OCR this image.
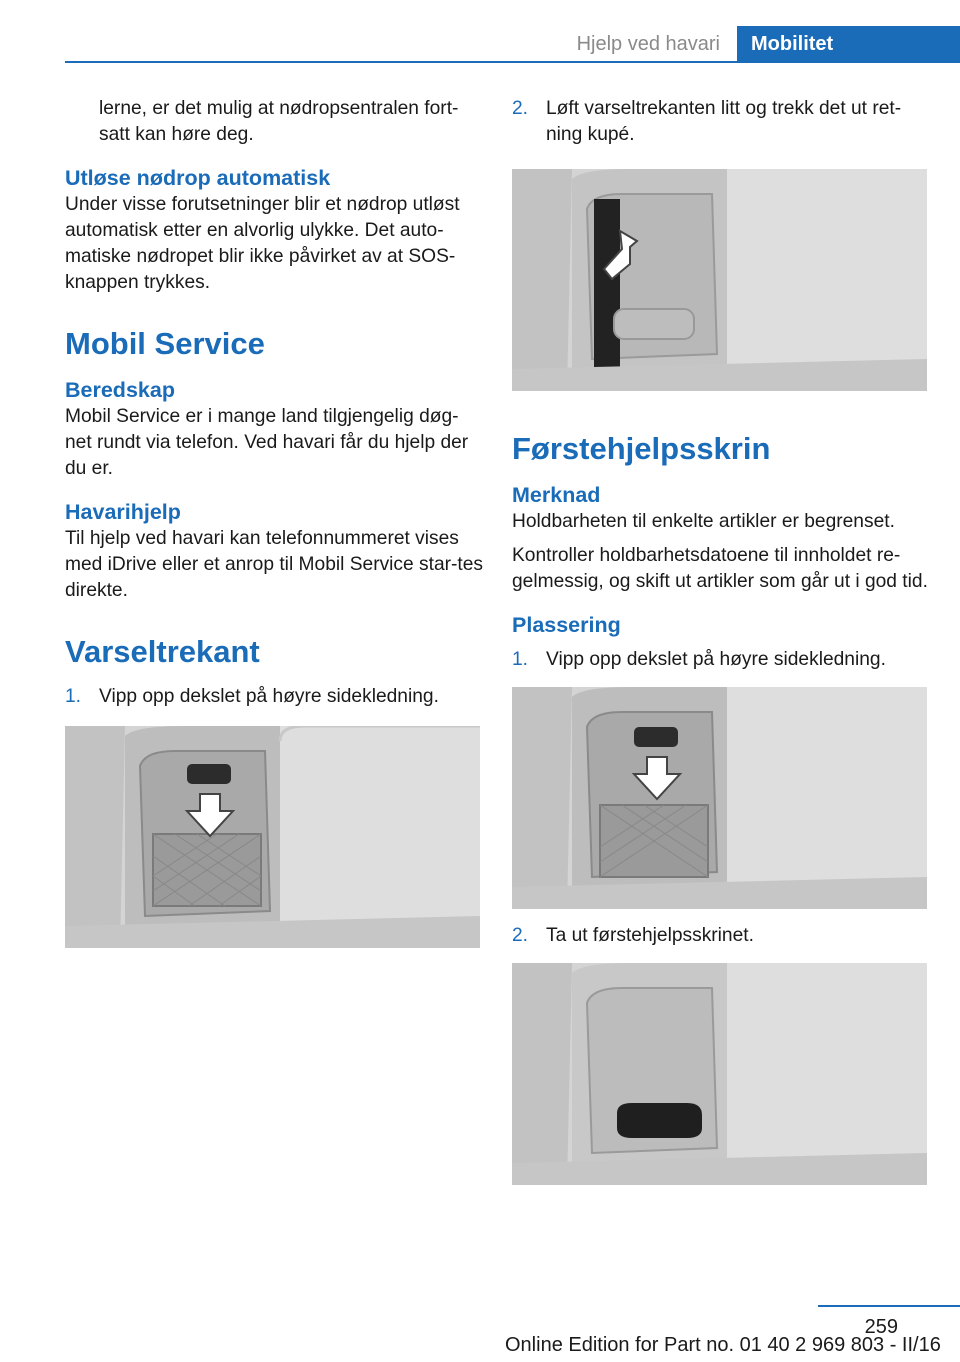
Hjelp ved havari	Mobilitet

lerne, er det mulig at nødropsentralen fort-satt kan høre deg.

Utløse nødrop automatisk

Under visse forutsetninger blir et nødrop utløst automatisk etter en alvorlig ulykke. Det auto-matiske nødropet blir ikke påvirket av at SOS-knappen trykkes.

Mobil Service
Beredskap

Mobil Service er i mange land tilgjengelig døg-net rundt via telefon. Ved havari får du hjelp der du er.

Havarihjelp

Til hjelp ved havari kan telefonnummeret vises med iDrive eller et anrop til Mobil Service star-tes direkte.

Varseltrekant
1. Vipp opp dekslet på høyre sidekledning.
2. Løft varseltrekanten litt og trekk det ut ret-ning kupé.
Førstehjelpsskrin
Merknad

Holdbarheten til enkelte artikler er begrenset.

Kontroller holdbarhetsdatoene til innholdet re-gelmessig, og skift ut artikler som går ut i god tid.

Plassering
1. Vipp opp dekslet på høyre sidekledning.
2. Ta ut førstehjelpsskrinet.
259
Online Edition for Part no. 01 40 2 969 803 - II/16
